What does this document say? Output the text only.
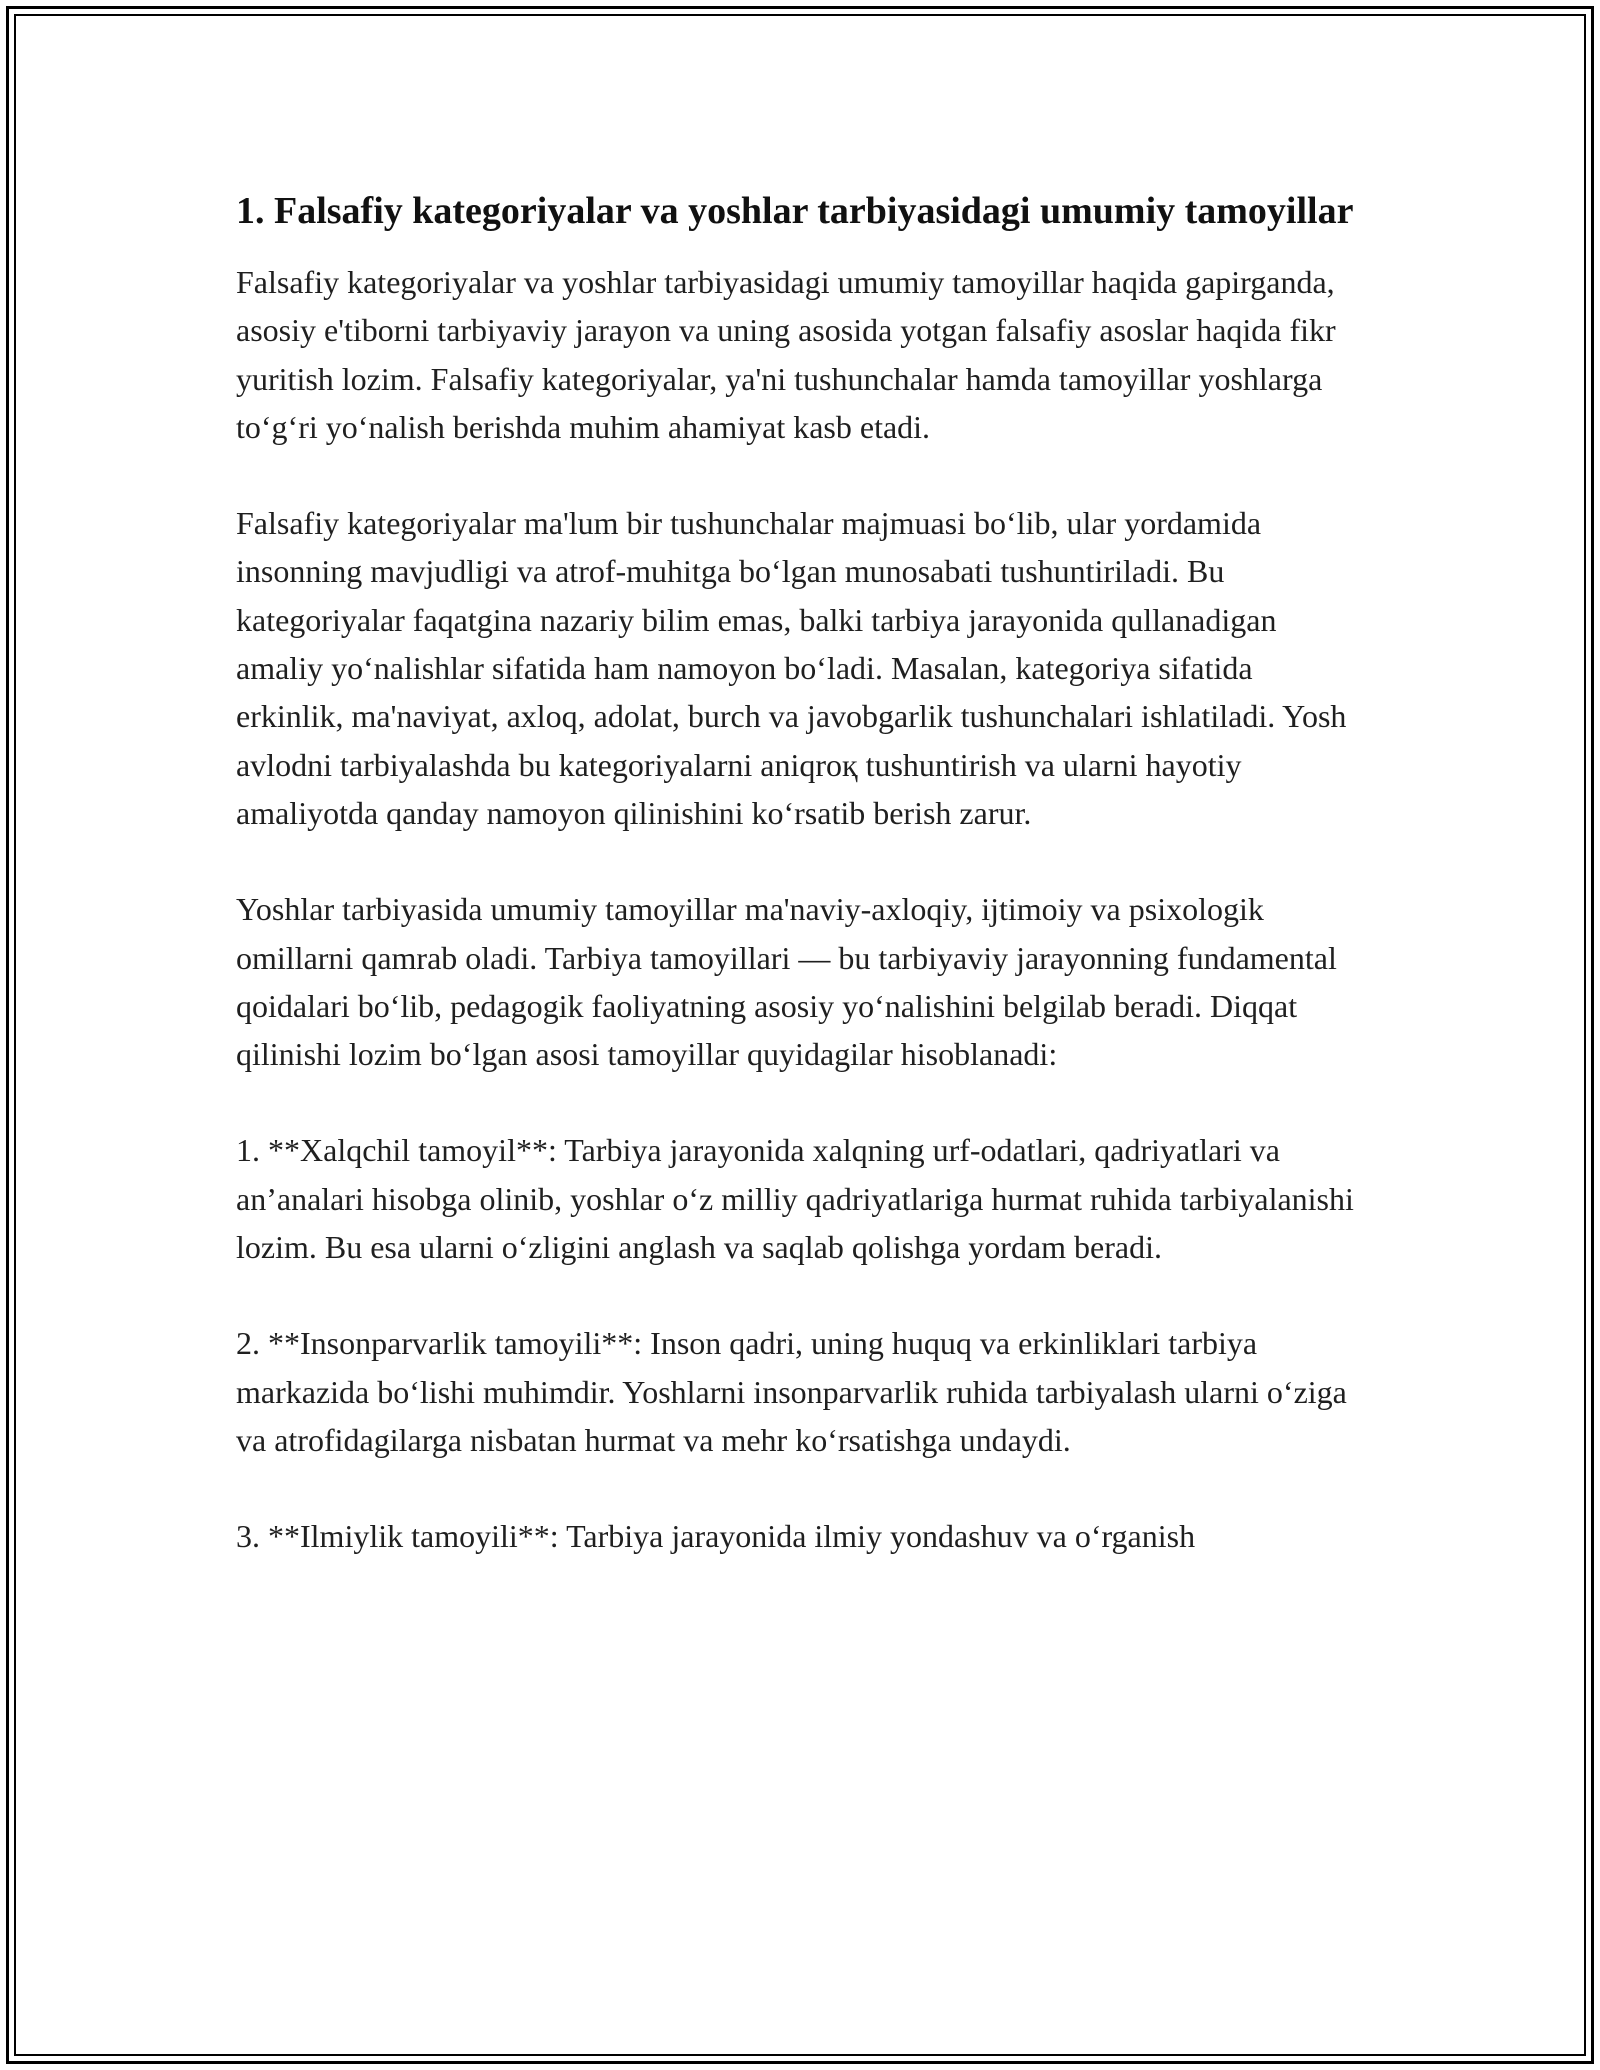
1. Falsafiy kategoriyalar va yoshlar tarbiyasidagi umumiy tamoyillar

Falsafiy kategoriyalar va yoshlar tarbiyasidagi umumiy tamoyillar haqida gapirganda, asosiy e'tiborni tarbiyaviy jarayon va uning asosida yotgan falsafiy asoslar haqida fikr yuritish lozim. Falsafiy kategoriyalar, ya'ni tushunchalar hamda tamoyillar yoshlarga to‘g‘ri yo‘nalish berishda muhim ahamiyat kasb etadi.

Falsafiy kategoriyalar ma'lum bir tushunchalar majmuasi bo‘lib, ular yordamida insonning mavjudligi va atrof-muhitga bo‘lgan munosabati tushuntiriladi. Bu kategoriyalar faqatgina nazariy bilim emas, balki tarbiya jarayonida qullanadigan amaliy yo‘nalishlar sifatida ham namoyon bo‘ladi. Masalan, kategoriya sifatida erkinlik, ma'naviyat, axloq, adolat, burch va javobgarlik tushunchalari ishlatiladi. Yosh avlodni tarbiyalashda bu kategoriyalarni aniqroқ tushuntirish va ularni hayotiy amaliyotda qanday namoyon qilinishini ko‘rsatib berish zarur.

Yoshlar tarbiyasida umumiy tamoyillar ma'naviy-axloqiy, ijtimoiy va psixologik omillarni qamrab oladi. Tarbiya tamoyillari — bu tarbiyaviy jarayonning fundamental qoidalari bo‘lib, pedagogik faoliyatning asosiy yo‘nalishini belgilab beradi. Diqqat qilinishi lozim bo‘lgan asosi tamoyillar quyidagilar hisoblanadi:

1. **Xalqchil tamoyil**: Tarbiya jarayonida xalqning urf-odatlari, qadriyatlari va an’analari hisobga olinib, yoshlar o‘z milliy qadriyatlariga hurmat ruhida tarbiyalanishi lozim. Bu esa ularni o‘zligini anglash va saqlab qolishga yordam beradi.

2. **Insonparvarlik tamoyili**: Inson qadri, uning huquq va erkinliklari tarbiya markazida bo‘lishi muhimdir. Yoshlarni insonparvarlik ruhida tarbiyalash ularni o‘ziga va atrofidagilarga nisbatan hurmat va mehr ko‘rsatishga undaydi.

3. **Ilmiylik tamoyili**: Tarbiya jarayonida ilmiy yondashuv va o‘rganish
